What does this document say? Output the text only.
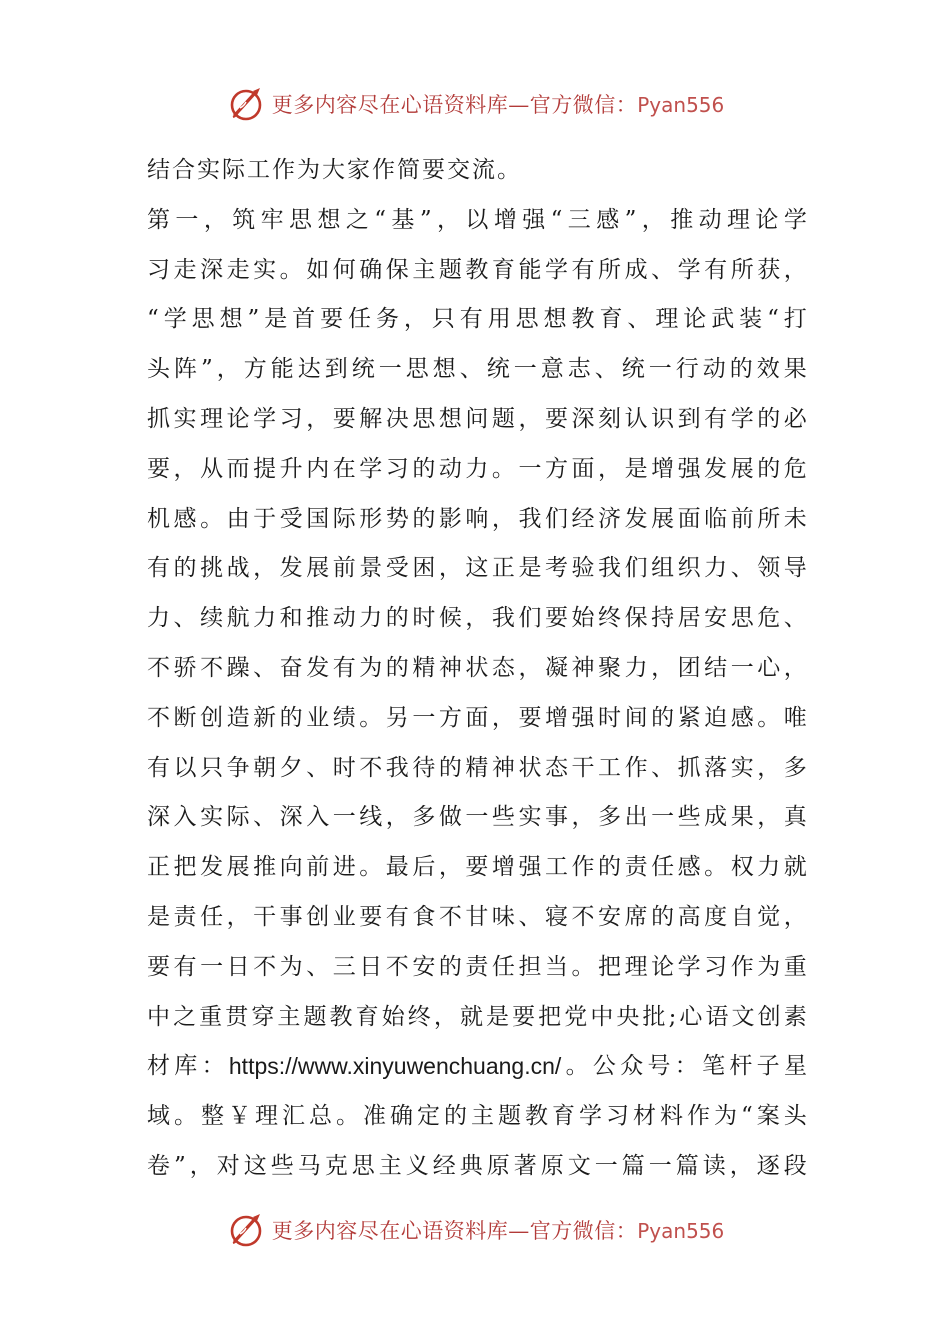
更多内容尽在心语资料库—官方微信：Pyan556
结合实际工作为大家作简要交流。
第 一 ， 筑 牢 思 想 之 “ 基 ” ， 以 增 强 “ 三 感 ” ， 推 动 理 论 学
习 走 深 走 实 。 如 何 确 保 主 题 教 育 能 学 有 所 成 、 学 有 所 获 ，
“ 学 思 想 ” 是 首 要 任 务 ， 只 有 用 思 想 教 育 、 理 论 武 装 “ 打
头 阵 ” ， 方 能 达 到 统 一 思 想 、 统 一 意 志 、 统 一 行 动 的 效 果
抓 实 理 论 学 习 ， 要 解 决 思 想 问 题 ， 要 深 刻 认 识 到 有 学 的 必
要 ， 从 而 提 升 内 在 学 习 的 动 力 。 一 方 面 ， 是 增 强 发 展 的 危
机 感 。 由 于 受 国 际 形 势 的 影 响 ， 我 们 经 济 发 展 面 临 前 所 未
有 的 挑 战 ， 发 展 前 景 受 困 ， 这 正 是 考 验 我 们 组 织 力 、 领 导
力 、 续 航 力 和 推 动 力 的 时 候 ， 我 们 要 始 终 保 持 居 安 思 危 、
不 骄 不 躁 、 奋 发 有 为 的 精 神 状 态 ， 凝 神 聚 力 ， 团 结 一 心 ，
不 断 创 造 新 的 业 绩 。 另 一 方 面 ， 要 增 强 时 间 的 紧 迫 感 。 唯
有 以 只 争 朝 夕 、 时 不 我 待 的 精 神 状 态 干 工 作 、 抓 落 实 ， 多
深 入 实 际 、 深 入 一 线 ， 多 做 一 些 实 事 ， 多 出 一 些 成 果 ， 真
正 把 发 展 推 向 前 进 。 最 后 ， 要 增 强 工 作 的 责 任 感 。 权 力 就
是 责 任 ， 干 事 创 业 要 有 食 不 甘 味 、 寝 不 安 席 的 高 度 自 觉 ，
要 有 一 日 不 为 、 三 日 不 安 的 责 任 担 当 。 把 理 论 学 习 作 为 重
中 之 重 贯 穿 主 题 教 育 始 终 ， 就 是 要 把 党 中 央 批 ; 心 语 文 创 素
材 库 ： https://www.xinyuwenchuang.cn/ 。 公 众 号 ： 笔 杆 子 星
域 。 整 ￥ 理 汇 总 。 准 确 定 的 主 题 教 育 学 习 材 料 作 为 “ 案 头
卷 ” ， 对 这 些 马 克 思 主 义 经 典 原 著 原 文 一 篇 一 篇 读 ， 逐 段
更多内容尽在心语资料库—官方微信：Pyan556
